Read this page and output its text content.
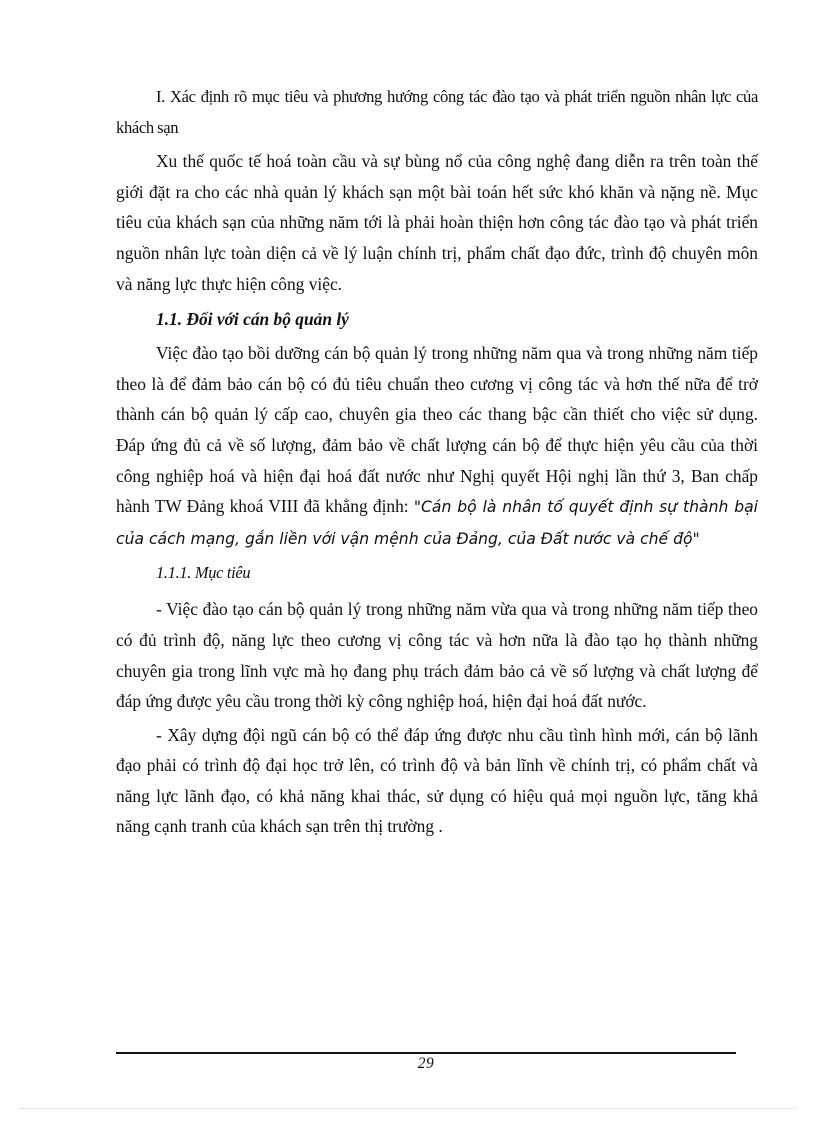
I. Xác định rõ mục tiêu và phương hướng công tác đào tạo và phát triển nguồn nhân lực của khách sạn

Xu thế quốc tế hoá toàn cầu và sự bùng nổ của công nghệ đang diễn ra trên toàn thế giới đặt ra cho các nhà quản lý khách sạn một bài toán hết sức khó khăn và nặng nề. Mục tiêu của khách sạn của những năm tới là phải hoàn thiện hơn công tác đào tạo và phát triển nguồn nhân lực toàn diện cả về lý luận chính trị, phẩm chất đạo đức, trình độ chuyên môn và năng lực thực hiện công việc.

1.1. Đối với cán bộ quản lý

Việc đào tạo bồi dưỡng cán bộ quản lý trong những năm qua và trong những năm tiếp theo là để đảm bảo cán bộ có đủ tiêu chuẩn theo cương vị công tác và hơn thế nữa để trở thành cán bộ quản lý cấp cao, chuyên gia theo các thang bậc cần thiết cho việc sử dụng. Đáp ứng đủ cả về số lượng, đảm bảo về chất lượng cán bộ để thực hiện yêu cầu của thời công nghiệp hoá và hiện đại hoá đất nước như Nghị quyết Hội nghị lần thứ 3, Ban chấp hành TW Đảng khoá VIII đã khẳng định: "Cán bộ là nhân tố quyết định sự thành bại của cách mạng, gắn liền với vận mệnh của Đảng, của Đất nước và chế độ"

1.1.1. Mục tiêu

- Việc đào tạo cán bộ quản lý trong những năm vừa qua và trong những năm tiếp theo có đủ trình độ, năng lực theo cương vị công tác và hơn nữa là đào tạo họ thành những chuyên gia trong lĩnh vực mà họ đang phụ trách đảm bảo cả về số lượng và chất lượng để đáp ứng được yêu cầu trong thời kỳ công nghiệp hoá, hiện đại hoá đất nước.

- Xây dựng đội ngũ cán bộ có thể đáp ứng được nhu cầu tình hình mới, cán bộ lãnh đạo phải có trình độ đại học trở lên, có trình độ và bản lĩnh về chính trị, có phẩm chất và năng lực lãnh đạo, có khả năng khai thác, sử dụng có hiệu quả mọi nguồn lực, tăng khả năng cạnh tranh của khách sạn trên thị trường .

29
